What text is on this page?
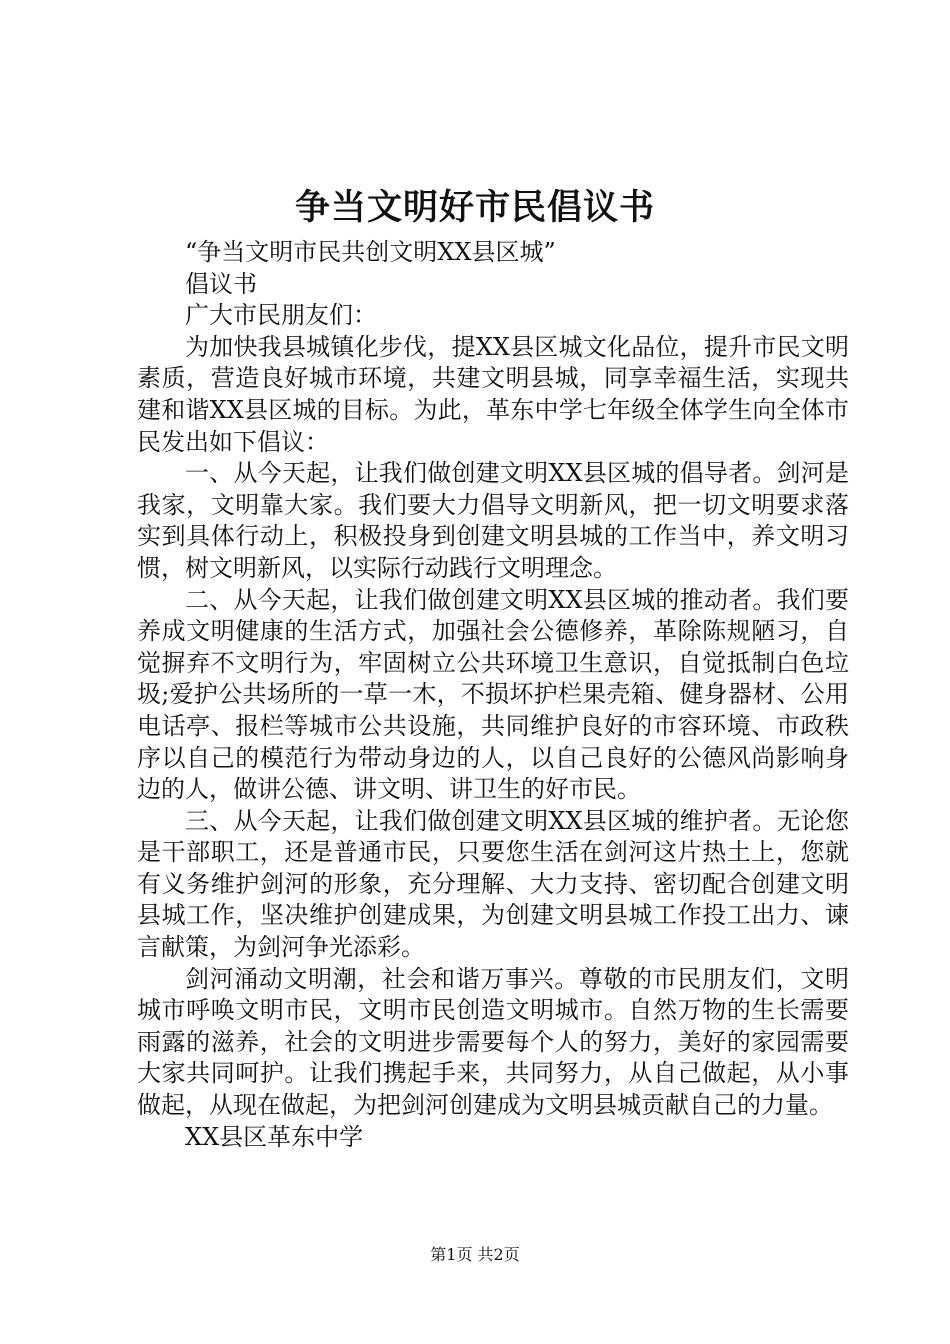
争当文明好市民倡议书

“争当文明市民共创文明XX县区城”

倡议书

广大市民朋友们：

为加快我县城镇化步伐，提XX县区城文化品位，提升市民文明素质，营造良好城市环境，共建文明县城，同享幸福生活，实现共建和谐XX县区城的目标。为此，革东中学七年级全体学生向全体市民发出如下倡议：

一、从今天起，让我们做创建文明XX县区城的倡导者。剑河是我家，文明靠大家。我们要大力倡导文明新风，把一切文明要求落实到具体行动上，积极投身到创建文明县城的工作当中，养文明习惯，树文明新风，以实际行动践行文明理念。

二、从今天起，让我们做创建文明XX县区城的推动者。我们要养成文明健康的生活方式，加强社会公德修养，革除陈规陋习，自觉摒弃不文明行为，牢固树立公共环境卫生意识，自觉抵制白色垃圾;爱护公共场所的一草一木，不损坏护栏果壳箱、健身器材、公用电话亭、报栏等城市公共设施，共同维护良好的市容环境、市政秩序以自己的模范行为带动身边的人，以自己良好的公德风尚影响身边的人，做讲公德、讲文明、讲卫生的好市民。

三、从今天起，让我们做创建文明XX县区城的维护者。无论您是干部职工，还是普通市民，只要您生活在剑河这片热土上，您就有义务维护剑河的形象，充分理解、大力支持、密切配合创建文明县城工作，坚决维护创建成果，为创建文明县城工作投工出力、谏言献策，为剑河争光添彩。

剑河涌动文明潮，社会和谐万事兴。尊敬的市民朋友们，文明城市呼唤文明市民，文明市民创造文明城市。自然万物的生长需要雨露的滋养，社会的文明进步需要每个人的努力，美好的家园需要大家共同呵护。让我们携起手来，共同努力，从自己做起，从小事做起，从现在做起，为把剑河创建成为文明县城贡献自己的力量。

XX县区革东中学

第1页 共2页
